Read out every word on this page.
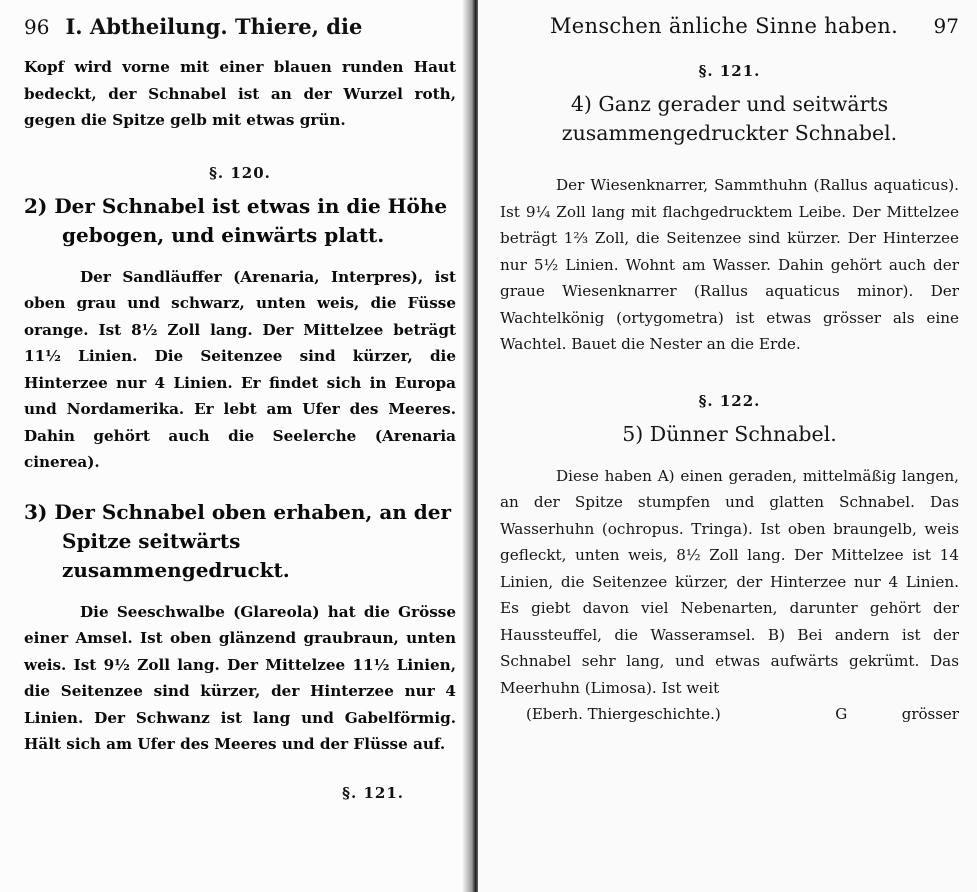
96 I. Abtheilung. Thiere, die

Kopf wird vorne mit einer blauen runden Haut bedeckt, der Schnabel ist an der Wurzel roth, gegen die Spitze gelb mit etwas grün.

§. 120.
2) Der Schnabel ist etwas in die Höhe gebogen, und einwärts platt.

Der Sandläuffer (Arenaria, Interpres), ist oben grau und schwarz, unten weis, die Füsse orange. Ist 8½ Zoll lang. Der Mittelzee beträgt 11½ Linien. Die Seitenzee sind kürzer, die Hinterzee nur 4 Linien. Er findet sich in Europa und Nordamerika. Er lebt am Ufer des Meeres. Dahin gehört auch die Seelerche (Arenaria cinerea).

3) Der Schnabel oben erhaben, an der Spitze seitwärts zusammengedruckt.

Die Seeschwalbe (Glareola) hat die Grösse einer Amsel. Ist oben glänzend graubraun, unten weis. Ist 9½ Zoll lang. Der Mittelzee 11½ Linien, die Seitenzee sind kürzer, der Hinterzee nur 4 Linien. Der Schwanz ist lang und Gabelförmig. Hält sich am Ufer des Meeres und der Flüsse auf.

§. 121.
Menschen änliche Sinne haben. 97
§. 121.
4) Ganz gerader und seitwärts zusammengedruckter Schnabel.

Der Wiesenknarrer, Sammthuhn (Rallus aquaticus). Ist 9¼ Zoll lang mit flachgedrucktem Leibe. Der Mittelzee beträgt 1⅔ Zoll, die Seitenzee sind kürzer. Der Hinterzee nur 5½ Linien. Wohnt am Wasser. Dahin gehört auch der graue Wiesenknarrer (Rallus aquaticus minor). Der Wachtelkönig (ortygometra) ist etwas grösser als eine Wachtel. Bauet die Nester an die Erde.

§. 122.
5) Dünner Schnabel.

Diese haben A) einen geraden, mittelmäßig langen, an der Spitze stumpfen und glatten Schnabel. Das Wasserhuhn (ochropus. Tringa). Ist oben braungelb, weis gefleckt, unten weis, 8½ Zoll lang. Der Mittelzee ist 14 Linien, die Seitenzee kürzer, der Hinterzee nur 4 Linien. Es giebt davon viel Nebenarten, darunter gehört der Haussteuffel, die Wasseramsel. B) Bei andern ist der Schnabel sehr lang, und etwas aufwärts gekrümt. Das Meerhuhn (Limosa). Ist weit

(Eberh. Thiergeschichte.)	G	grösser
